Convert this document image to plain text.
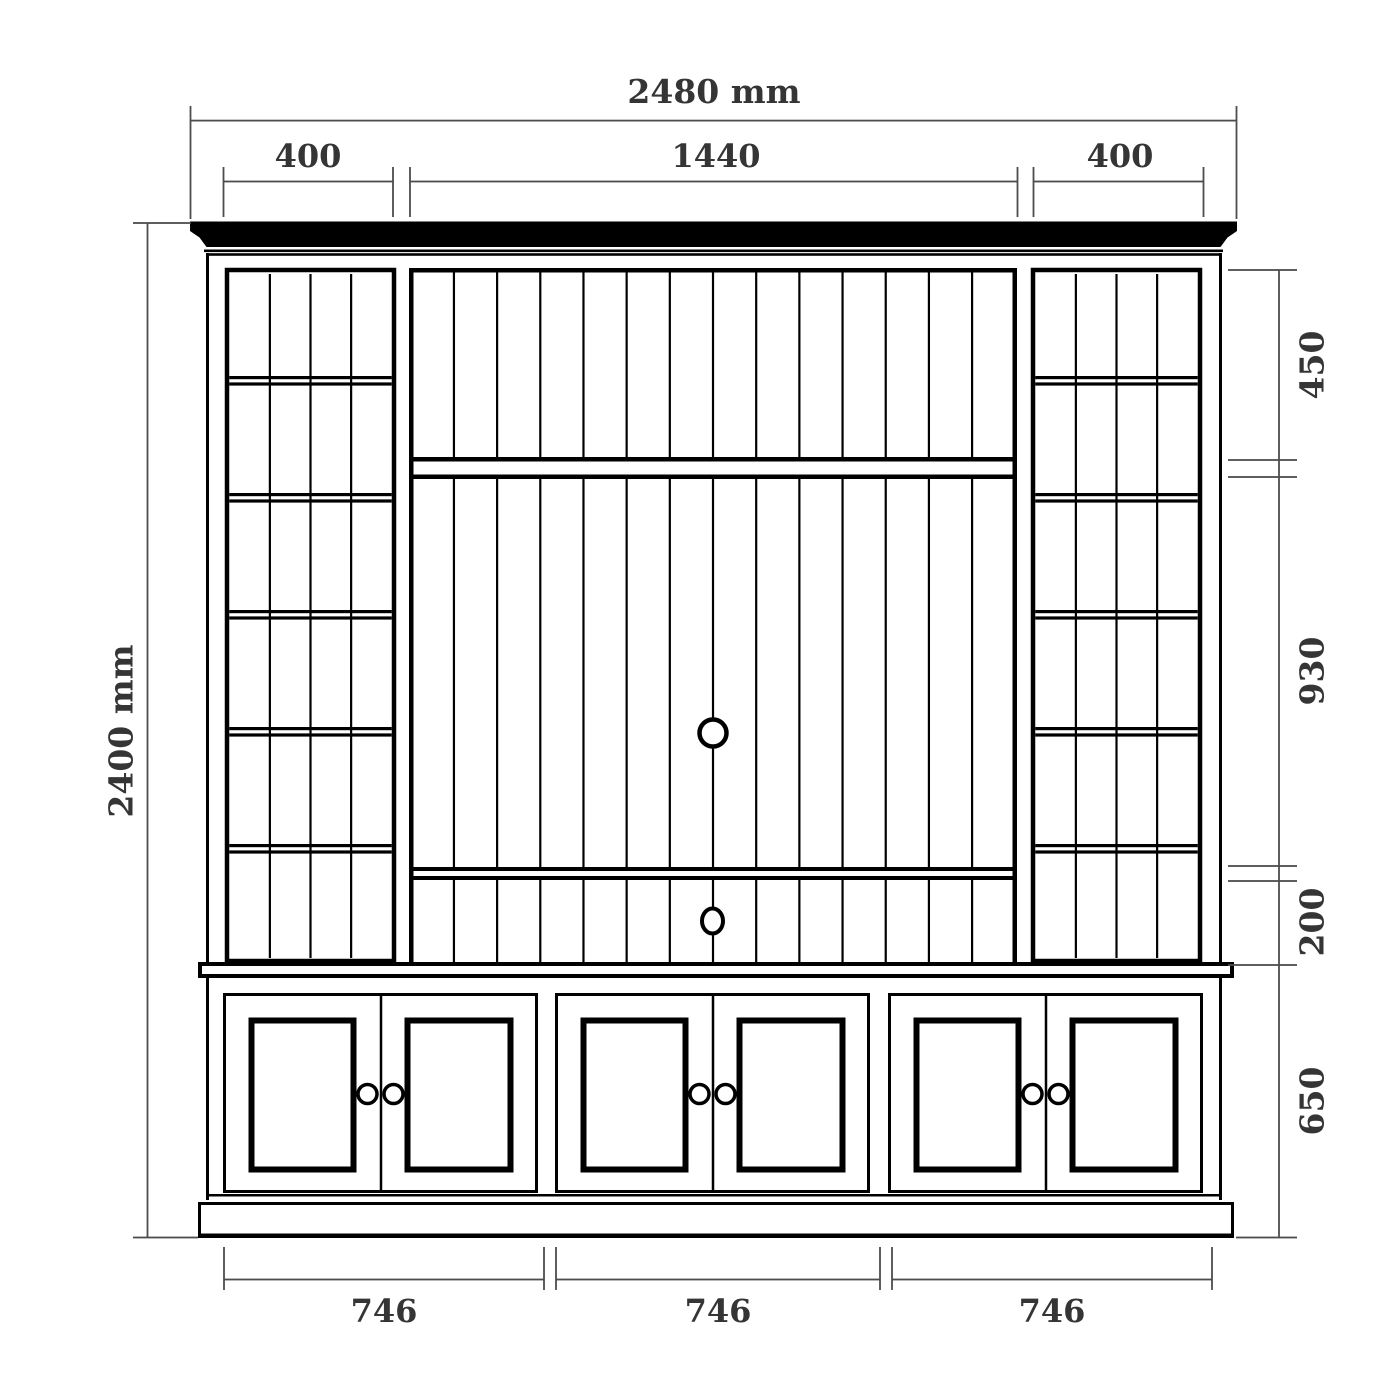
2480 mm
400	1440	400
2400 mm
450
930
200
650
746	746	746
